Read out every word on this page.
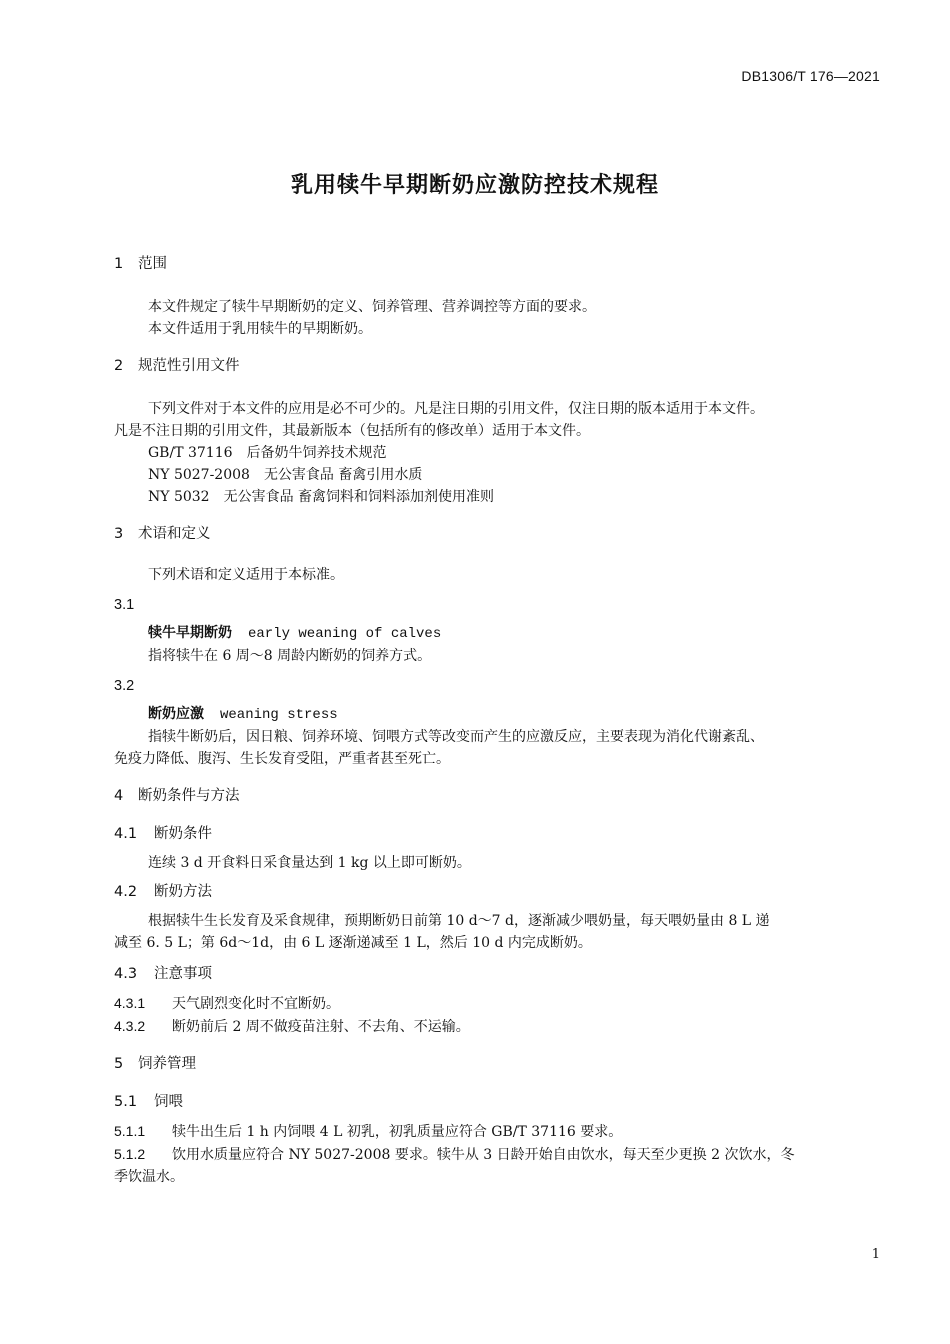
DB1306/T 176—2021
乳用犊牛早期断奶应激防控技术规程
1 范围

本文件规定了犊牛早期断奶的定义、饲养管理、营养调控等方面的要求。

本文件适用于乳用犊牛的早期断奶。

2 规范性引用文件

下列文件对于本文件的应用是必不可少的。凡是注日期的引用文件，仅注日期的版本适用于本文件。

凡是不注日期的引用文件，其最新版本（包括所有的修改单）适用于本文件。

GB/T 37116 后备奶牛饲养技术规范

NY 5027-2008 无公害食品 畜禽引用水质

NY 5032 无公害食品 畜禽饲料和饲料添加剂使用准则

3 术语和定义

下列术语和定义适用于本标准。

3.1

犊牛早期断奶 early weaning of calves

指将犊牛在 6 周～8 周龄内断奶的饲养方式。

3.2

断奶应激 weaning stress

指犊牛断奶后，因日粮、饲养环境、饲喂方式等改变而产生的应激反应，主要表现为消化代谢紊乱、

免疫力降低、腹泻、生长发育受阻，严重者甚至死亡。

4 断奶条件与方法
4.1 断奶条件

连续 3 d 开食料日采食量达到 1 kg 以上即可断奶。

4.2 断奶方法

根据犊牛生长发育及采食规律，预期断奶日前第 10 d～7 d，逐渐减少喂奶量，每天喂奶量由 8 L 递

减至 6. 5 L；第 6d～1d，由 6 L 逐渐递减至 1 L，然后 10 d 内完成断奶。

4.3 注意事项

4.3.1 天气剧烈变化时不宜断奶。

4.3.2 断奶前后 2 周不做疫苗注射、不去角、不运输。

5 饲养管理
5.1 饲喂

5.1.1 犊牛出生后 1 h 内饲喂 4 L 初乳，初乳质量应符合 GB/T 37116 要求。

5.1.2 饮用水质量应符合 NY 5027-2008 要求。犊牛从 3 日龄开始自由饮水，每天至少更换 2 次饮水，冬

季饮温水。

1
